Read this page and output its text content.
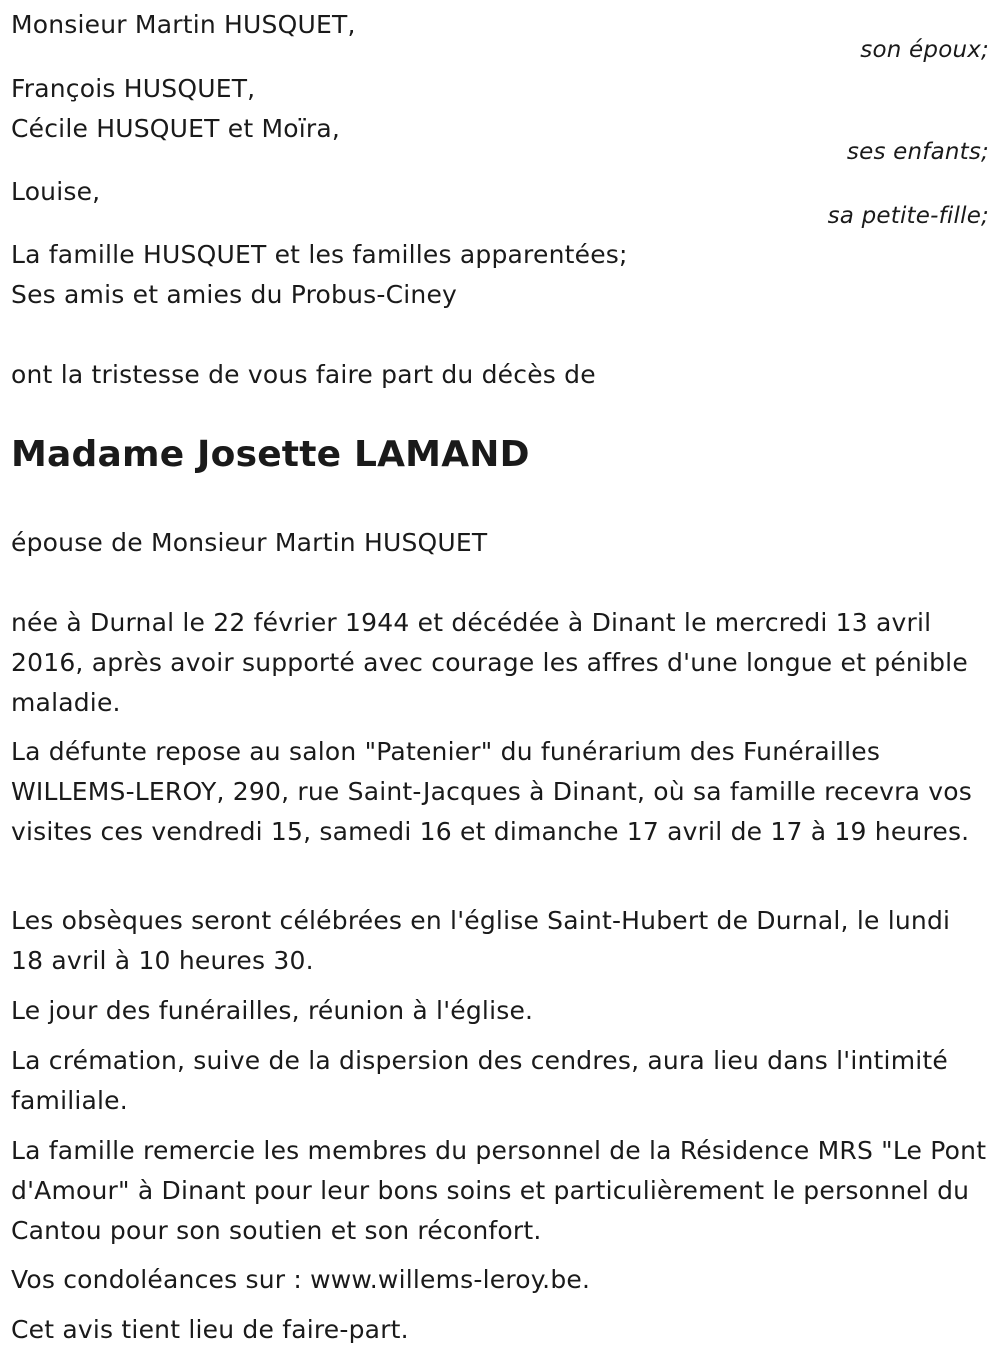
Monsieur Martin HUSQUET,
son époux;
François HUSQUET,
Cécile HUSQUET et Moïra,
ses enfants;
Louise,
sa petite-fille;
La famille HUSQUET et les familles apparentées;
Ses amis et amies du Probus-Ciney
ont la tristesse de vous faire part du décès de
Madame Josette LAMAND
épouse de Monsieur Martin HUSQUET
née à Durnal le 22 février 1944 et décédée à Dinant le mercredi 13 avril 2016, après avoir supporté avec courage les affres d'une longue et pénible maladie.
La défunte repose au salon "Patenier" du funérarium des Funérailles WILLEMS-LEROY, 290, rue Saint-Jacques à Dinant, où sa famille recevra vos visites ces vendredi 15, samedi 16 et dimanche 17 avril de 17 à 19 heures.
Les obsèques seront célébrées en l'église Saint-Hubert de Durnal, le lundi 18 avril à 10 heures 30.
Le jour des funérailles, réunion à l'église.
La crémation, suive de la dispersion des cendres, aura lieu dans l'intimité familiale.
La famille remercie les membres du personnel de la Résidence MRS "Le Pont d'Amour" à Dinant pour leur bons soins et particulièrement le personnel du Cantou pour son soutien et son réconfort.
Vos condoléances sur : www.willems-leroy.be.
Cet avis tient lieu de faire-part.
